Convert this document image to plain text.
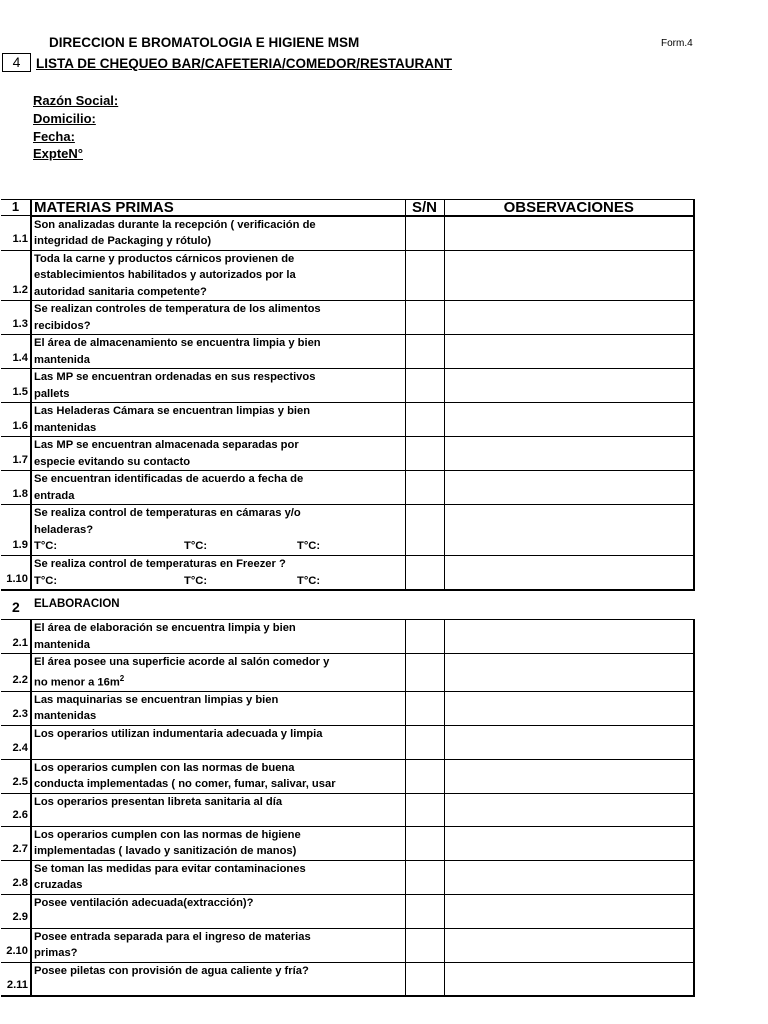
DIRECCION E BROMATOLOGIA E HIGIENE MSM	Form.4
4	LISTA DE CHEQUEO BAR/CAFETERIA/COMEDOR/RESTAURANT
Razón Social:
Domicilio:
Fecha:
ExpteN°
1	MATERIAS PRIMAS	S/N	OBSERVACIONES
1.1	Son analizadas durante la recepción ( verificación de
integridad de Packaging y rótulo)		

1.2	Toda la carne y productos cárnicos provienen de
establecimientos habilitados y autorizados por la
autoridad sanitaria competente?		

1.3	Se realizan controles de temperatura de los alimentos
recibidos?		

1.4	El área de almacenamiento se encuentra limpia y bien
mantenida		

1.5	Las MP se encuentran ordenadas en sus respectivos
pallets		

1.6	Las Heladeras Cámara se encuentran limpias y bien
mantenidas		

1.7	Las MP se encuentran almacenada separadas por
especie evitando su contacto		

1.8	Se encuentran identificadas de acuerdo a fecha de
entrada		

1.9	Se realiza control de temperaturas en cámaras y/o
heladeras?
T°C: T°C: T°C:		

1.10	Se realiza control de temperaturas en Freezer ?
T°C: T°C: T°C:		

2 ELABORACION
2.1	El área de elaboración se encuentra limpia y bien
mantenida		

2.2	El área posee una superficie acorde al salón comedor y
no menor a $16m^2$

2.3	Las maquinarias se encuentran limpias y bien
mantenidas		

2.4	Los operarios utilizan indumentaria adecuada y limpia		

2.5	Los operarios cumplen con las normas de buena
conducta implementadas ( no comer, fumar, salivar, usar		

2.6	Los operarios presentan libreta sanitaria al día		

2.7	Los operarios cumplen con las normas de higiene
implementadas ( lavado y sanitización de manos)		

2.8	Se toman las medidas para evitar contaminaciones
cruzadas		

2.9	Posee ventilación adecuada(extracción)?		

2.10	Posee entrada separada para el ingreso de materias
primas?		

2.11	Posee piletas con provisión de agua caliente y fría?		
